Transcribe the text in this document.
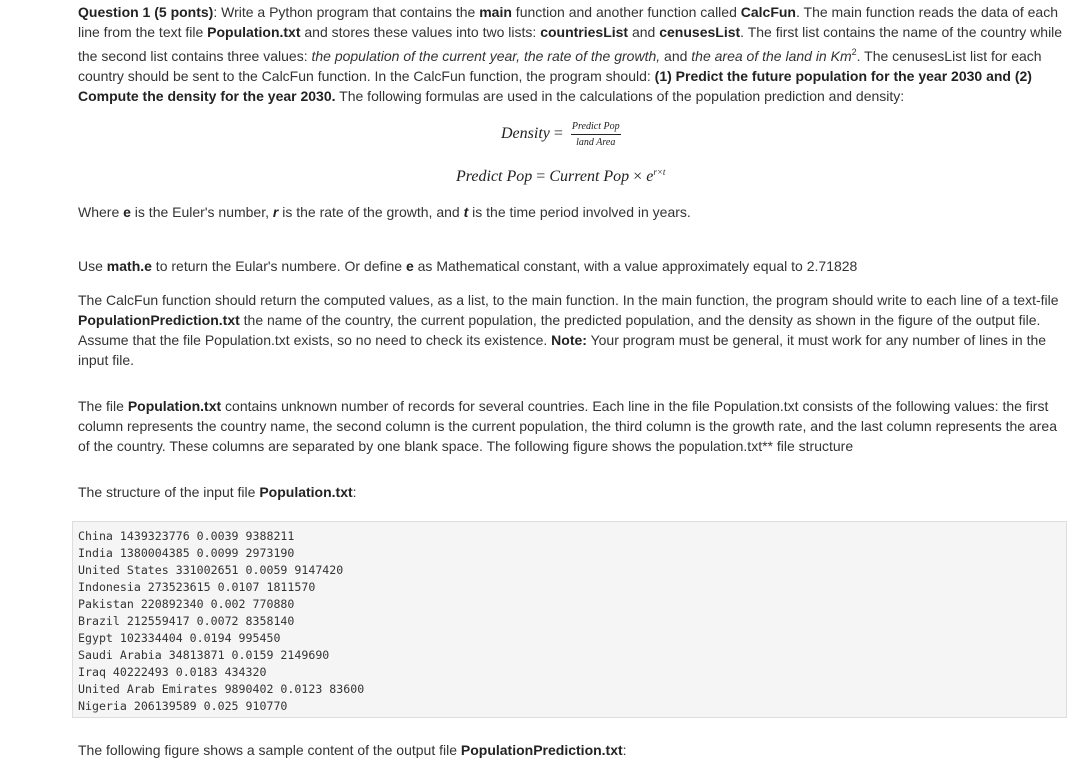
Question 1 (5 ponts): Write a Python program that contains the main function and another function called CalcFun. The main function reads the data of each line from the text file Population.txt and stores these values into two lists: countriesList and cenusesList. The first list contains the name of the country while the second list contains three values: the population of the current year, the rate of the growth, and the area of the land in Km$^2$. The cenusesList list for each country should be sent to the CalcFun function. In the CalcFun function, the program should: (1) Predict the future population for the year 2030 and (2) Compute the density for the year 2030. The following formulas are used in the calculations of the population prediction and density:

Density = $\frac{\text{Predict Pop}}{\text{land Area}}$
Predict Pop = Current Pop × $e^{r\times t}$

Where e is the Euler's number, r is the rate of the growth, and t is the time period involved in years.

Use math.e to return the Eular's numbere. Or define e as Mathematical constant, with a value approximately equal to 2.71828

The CalcFun function should return the computed values, as a list, to the main function. In the main function, the program should write to each line of a text-file PopulationPrediction.txt the name of the country, the current population, the predicted population, and the density as shown in the figure of the output file. Assume that the file Population.txt exists, so no need to check its existence. Note: Your program must be general, it must work for any number of lines in the input file.

The file Population.txt contains unknown number of records for several countries. Each line in the file Population.txt consists of the following values: the first column represents the country name, the second column is the current population, the third column is the growth rate, and the last column represents the area of the country. These columns are separated by one blank space. The following figure shows the population.txt** file structure

The structure of the input file Population.txt:

China 1439323776 0.0039 9388211
India 1380004385 0.0099 2973190
United States 331002651 0.0059 9147420
Indonesia 273523615 0.0107 1811570
Pakistan 220892340 0.002 770880
Brazil 212559417 0.0072 8358140
Egypt 102334404 0.0194 995450
Saudi Arabia 34813871 0.0159 2149690
Iraq 40222493 0.0183 434320
United Arab Emirates 9890402 0.0123 83600
Nigeria 206139589 0.025 910770

The following figure shows a sample content of the output file PopulationPrediction.txt:
